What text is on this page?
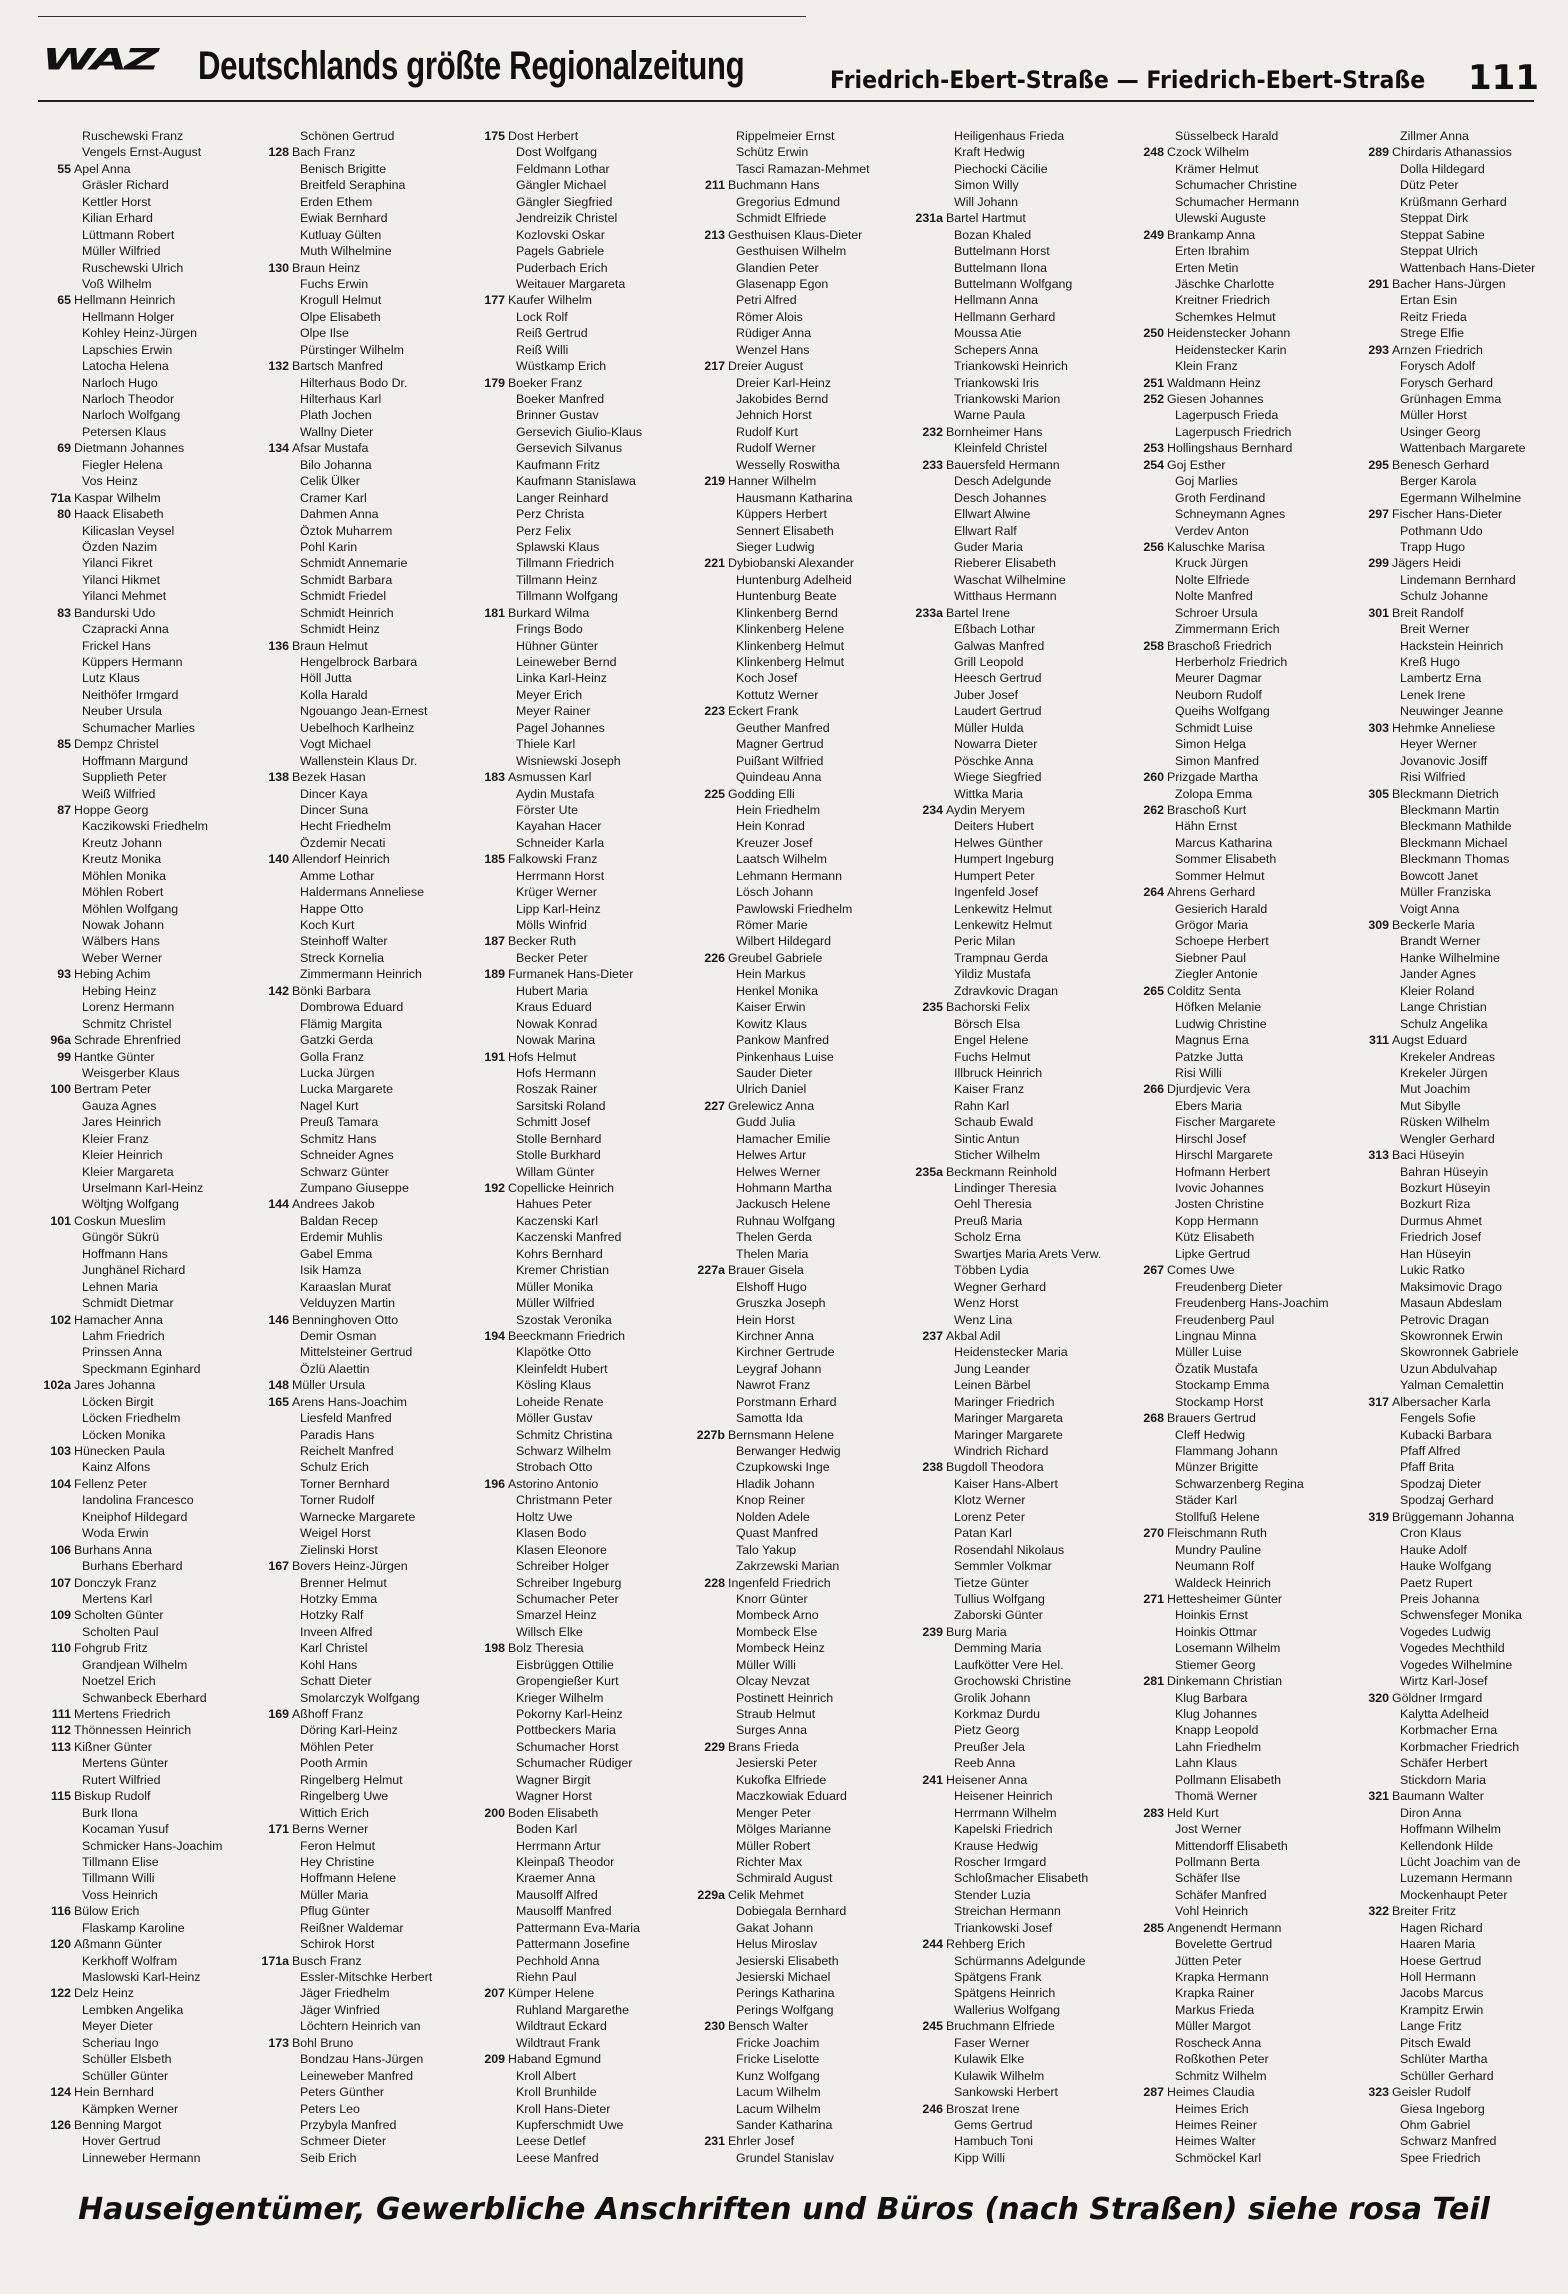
WAZ Deutschlands größte Regionalzeitung	Friedrich-Ebert-Straße — Friedrich-Ebert-Straße 111
Ruschewski Franz
Vengels Ernst-August
55 Apel Anna
Gräsler Richard
Kettler Horst
Kilian Erhard
Lüttmann Robert
Müller Wilfried
Ruschewski Ulrich
Voß Wilhelm
65 Hellmann Heinrich
Hellmann Holger
Kohley Heinz-Jürgen
Lapschies Erwin
Latocha Helena
Narloch Hugo
Narloch Theodor
Narloch Wolfgang
Petersen Klaus
69 Dietmann Johannes
Fiegler Helena
Vos Heinz
71a Kaspar Wilhelm
80 Haack Elisabeth
Kilicaslan Veysel
Özden Nazim
Yilanci Fikret
Yilanci Hikmet
Yilanci Mehmet
83 Bandurski Udo
Czapracki Anna
Frickel Hans
Küppers Hermann
Lutz Klaus
Neithöfer Irmgard
Neuber Ursula
Schumacher Marlies
85 Dempz Christel
Hoffmann Margund
Supplieth Peter
Weiß Wilfried
87 Hoppe Georg
Kaczikowski Friedhelm
Kreutz Johann
Kreutz Monika
Möhlen Monika
Möhlen Robert
Möhlen Wolfgang
Nowak Johann
Wälbers Hans
Weber Werner
93 Hebing Achim
Hebing Heinz
Lorenz Hermann
Schmitz Christel
96a Schrade Ehrenfried
99 Hantke Günter
Weisgerber Klaus
100 Bertram Peter
Gauza Agnes
Jares Heinrich
Kleier Franz
Kleier Heinrich
Kleier Margareta
Urselmann Karl-Heinz
Wöltjng Wolfgang
101 Coskun Mueslim
Güngör Sükrü
Hoffmann Hans
Junghänel Richard
Lehnen Maria
Schmidt Dietmar
102 Hamacher Anna
Lahm Friedrich
Prinssen Anna
Speckmann Eginhard
102a Jares Johanna
Löcken Birgit
Löcken Friedhelm
Löcken Monika
103 Hünecken Paula
Kainz Alfons
104 Fellenz Peter
Iandolina Francesco
Kneiphof Hildegard
Woda Erwin
106 Burhans Anna
Burhans Eberhard
107 Donczyk Franz
Mertens Karl
109 Scholten Günter
Scholten Paul
110 Fohgrub Fritz
Grandjean Wilhelm
Noetzel Erich
Schwanbeck Eberhard
111 Mertens Friedrich
112 Thönnessen Heinrich
113 Kißner Günter
Mertens Günter
Rutert Wilfried
115 Biskup Rudolf
Burk Ilona
Kocaman Yusuf
Schmicker Hans-Joachim
Tillmann Elise
Tillmann Willi
Voss Heinrich
116 Bülow Erich
Flaskamp Karoline
120 Aßmann Günter
Kerkhoff Wolfram
Maslowski Karl-Heinz
122 Delz Heinz
Lembken Angelika
Meyer Dieter
Scheriau Ingo
Schüller Elsbeth
Schüller Günter
124 Hein Bernhard
Kämpken Werner
126 Benning Margot
Hover Gertrud
Linneweber Hermann
Schönen Gertrud
128 Bach Franz
Benisch Brigitte
Breitfeld Seraphina
Erden Ethem
Ewiak Bernhard
Kutluay Gülten
Muth Wilhelmine
130 Braun Heinz
Fuchs Erwin
Krogull Helmut
Olpe Elisabeth
Olpe Ilse
Pürstinger Wilhelm
132 Bartsch Manfred
Hilterhaus Bodo Dr.
Hilterhaus Karl
Plath Jochen
Wallny Dieter
134 Afsar Mustafa
Bilo Johanna
Celik Ülker
Cramer Karl
Dahmen Anna
Öztok Muharrem
Pohl Karin
Schmidt Annemarie
Schmidt Barbara
Schmidt Friedel
Schmidt Heinrich
Schmidt Heinz
136 Braun Helmut
Hengelbrock Barbara
Höll Jutta
Kolla Harald
Ngouango Jean-Ernest
Uebelhoch Karlheinz
Vogt Michael
Wallenstein Klaus Dr.
138 Bezek Hasan
Dincer Kaya
Dincer Suna
Hecht Friedhelm
Özdemir Necati
140 Allendorf Heinrich
Amme Lothar
Haldermans Anneliese
Happe Otto
Koch Kurt
Steinhoff Walter
Streck Kornelia
Zimmermann Heinrich
142 Bönki Barbara
Dombrowa Eduard
Flämig Margita
Gatzki Gerda
Golla Franz
Lucka Jürgen
Lucka Margarete
Nagel Kurt
Preuß Tamara
Schmitz Hans
Schneider Agnes
Schwarz Günter
Zumpano Giuseppe
144 Andrees Jakob
Baldan Recep
Erdemir Muhlis
Gabel Emma
Isik Hamza
Karaaslan Murat
Velduyzen Martin
146 Benninghoven Otto
Demir Osman
Mittelsteiner Gertrud
Özlü Alaettin
148 Müller Ursula
165 Arens Hans-Joachim
Liesfeld Manfred
Paradis Hans
Reichelt Manfred
Schulz Erich
Torner Bernhard
Torner Rudolf
Warnecke Margarete
Weigel Horst
Zielinski Horst
167 Bovers Heinz-Jürgen
Brenner Helmut
Hotzky Emma
Hotzky Ralf
Inveen Alfred
Karl Christel
Kohl Hans
Schatt Dieter
Smolarczyk Wolfgang
169 Aßhoff Franz
Döring Karl-Heinz
Möhlen Peter
Pooth Armin
Ringelberg Helmut
Ringelberg Uwe
Wittich Erich
171 Berns Werner
Feron Helmut
Hey Christine
Hoffmann Helene
Müller Maria
Pflug Günter
Reißner Waldemar
Schirok Horst
171a Busch Franz
Essler-Mitschke Herbert
Jäger Friedhelm
Jäger Winfried
Löchtern Heinrich van
173 Bohl Bruno
Bondzau Hans-Jürgen
Leineweber Manfred
Peters Günther
Peters Leo
Przybyla Manfred
Schmeer Dieter
Seib Erich
175 Dost Herbert
Dost Wolfgang
Feldmann Lothar
Gängler Michael
Gängler Siegfried
Jendreizik Christel
Kozlovski Oskar
Pagels Gabriele
Puderbach Erich
Weitauer Margareta
177 Kaufer Wilhelm
Lock Rolf
Reiß Gertrud
Reiß Willi
Wüstkamp Erich
179 Boeker Franz
Boeker Manfred
Brinner Gustav
Gersevich Giulio-Klaus
Gersevich Silvanus
Kaufmann Fritz
Kaufmann Stanislawa
Langer Reinhard
Perz Christa
Perz Felix
Splawski Klaus
Tillmann Friedrich
Tillmann Heinz
Tillmann Wolfgang
181 Burkard Wilma
Frings Bodo
Hühner Günter
Leineweber Bernd
Linka Karl-Heinz
Meyer Erich
Meyer Rainer
Pagel Johannes
Thiele Karl
Wisniewski Joseph
183 Asmussen Karl
Aydin Mustafa
Förster Ute
Kayahan Hacer
Schneider Karla
185 Falkowski Franz
Herrmann Horst
Krüger Werner
Lipp Karl-Heinz
Mölls Winfrid
187 Becker Ruth
Becker Peter
189 Furmanek Hans-Dieter
Hubert Maria
Kraus Eduard
Nowak Konrad
Nowak Marina
191 Hofs Helmut
Hofs Hermann
Roszak Rainer
Sarsitski Roland
Schmitt Josef
Stolle Bernhard
Stolle Burkhard
Willam Günter
192 Copellicke Heinrich
Hahues Peter
Kaczenski Karl
Kaczenski Manfred
Kohrs Bernhard
Kremer Christian
Müller Monika
Müller Wilfried
Szostak Veronika
194 Beeckmann Friedrich
Klapötke Otto
Kleinfeldt Hubert
Kösling Klaus
Loheide Renate
Möller Gustav
Schmitz Christina
Schwarz Wilhelm
Strobach Otto
196 Astorino Antonio
Christmann Peter
Holtz Uwe
Klasen Bodo
Klasen Eleonore
Schreiber Holger
Schreiber Ingeburg
Schumacher Peter
Smarzel Heinz
Willsch Elke
198 Bolz Theresia
Eisbrüggen Ottilie
Gropengießer Kurt
Krieger Wilhelm
Pokorny Karl-Heinz
Pottbeckers Maria
Schumacher Horst
Schumacher Rüdiger
Wagner Birgit
Wagner Horst
200 Boden Elisabeth
Boden Karl
Herrmann Artur
Kleinpaß Theodor
Kraemer Anna
Mausolff Alfred
Mausolff Manfred
Pattermann Eva-Maria
Pattermann Josefine
Pechhold Anna
Riehn Paul
207 Kümper Helene
Ruhland Margarethe
Wildtraut Eckard
Wildtraut Frank
209 Haband Egmund
Kroll Albert
Kroll Brunhilde
Kroll Hans-Dieter
Kupferschmidt Uwe
Leese Detlef
Leese Manfred
Rippelmeier Ernst
Schütz Erwin
Tasci Ramazan-Mehmet
211 Buchmann Hans
Gregorius Edmund
Schmidt Elfriede
213 Gesthuisen Klaus-Dieter
Gesthuisen Wilhelm
Glandien Peter
Glasenapp Egon
Petri Alfred
Römer Alois
Rüdiger Anna
Wenzel Hans
217 Dreier August
Dreier Karl-Heinz
Jakobides Bernd
Jehnich Horst
Rudolf Kurt
Rudolf Werner
Wesselly Roswitha
219 Hanner Wilhelm
Hausmann Katharina
Küppers Herbert
Sennert Elisabeth
Sieger Ludwig
221 Dybiobanski Alexander
Huntenburg Adelheid
Huntenburg Beate
Klinkenberg Bernd
Klinkenberg Helene
Klinkenberg Helmut
Klinkenberg Helmut
Koch Josef
Kottutz Werner
223 Eckert Frank
Geuther Manfred
Magner Gertrud
Puißant Wilfried
Quindeau Anna
225 Godding Elli
Hein Friedhelm
Hein Konrad
Kreuzer Josef
Laatsch Wilhelm
Lehmann Hermann
Lösch Johann
Pawlowski Friedhelm
Römer Marie
Wilbert Hildegard
226 Greubel Gabriele
Hein Markus
Henkel Monika
Kaiser Erwin
Kowitz Klaus
Pankow Manfred
Pinkenhaus Luise
Sauder Dieter
Ulrich Daniel
227 Grelewicz Anna
Gudd Julia
Hamacher Emilie
Helwes Artur
Helwes Werner
Hohmann Martha
Jackusch Helene
Ruhnau Wolfgang
Thelen Gerda
Thelen Maria
227a Brauer Gisela
Elshoff Hugo
Gruszka Joseph
Hein Horst
Kirchner Anna
Kirchner Gertrude
Leygraf Johann
Nawrot Franz
Porstmann Erhard
Samotta Ida
227b Bernsmann Helene
Berwanger Hedwig
Czupkowski Inge
Hladik Johann
Knop Reiner
Nolden Adele
Quast Manfred
Talo Yakup
Zakrzewski Marian
228 Ingenfeld Friedrich
Knorr Günter
Mombeck Arno
Mombeck Else
Mombeck Heinz
Müller Willi
Olcay Nevzat
Postinett Heinrich
Straub Helmut
Surges Anna
229 Brans Frieda
Jesierski Peter
Kukofka Elfriede
Maczkowiak Eduard
Menger Peter
Mölges Marianne
Müller Robert
Richter Max
Schmirald August
229a Celik Mehmet
Dobiegala Bernhard
Gakat Johann
Helus Miroslav
Jesierski Elisabeth
Jesierski Michael
Perings Katharina
Perings Wolfgang
230 Bensch Walter
Fricke Joachim
Fricke Liselotte
Kunz Wolfgang
Lacum Wilhelm
Lacum Wilhelm
Sander Katharina
231 Ehrler Josef
Grundel Stanislav
Heiligenhaus Frieda
Kraft Hedwig
Piechocki Cäcilie
Simon Willy
Will Johann
231a Bartel Hartmut
Bozan Khaled
Buttelmann Horst
Buttelmann Ilona
Buttelmann Wolfgang
Hellmann Anna
Hellmann Gerhard
Moussa Atie
Schepers Anna
Triankowski Heinrich
Triankowski Iris
Triankowski Marion
Warne Paula
232 Bornheimer Hans
Kleinfeld Christel
233 Bauersfeld Hermann
Desch Adelgunde
Desch Johannes
Ellwart Alwine
Ellwart Ralf
Guder Maria
Rieberer Elisabeth
Waschat Wilhelmine
Witthaus Hermann
233a Bartel Irene
Eßbach Lothar
Galwas Manfred
Grill Leopold
Heesch Gertrud
Juber Josef
Laudert Gertrud
Müller Hulda
Nowarra Dieter
Pöschke Anna
Wiege Siegfried
Wittka Maria
234 Aydin Meryem
Deiters Hubert
Helwes Günther
Humpert Ingeburg
Humpert Peter
Ingenfeld Josef
Lenkewitz Helmut
Lenkewitz Helmut
Peric Milan
Trampnau Gerda
Yildiz Mustafa
Zdravkovic Dragan
235 Bachorski Felix
Börsch Elsa
Engel Helene
Fuchs Helmut
Illbruck Heinrich
Kaiser Franz
Rahn Karl
Schaub Ewald
Sintic Antun
Sticher Wilhelm
235a Beckmann Reinhold
Lindinger Theresia
Oehl Theresia
Preuß Maria
Scholz Erna
Swartjes Maria Arets Verw.
Többen Lydia
Wegner Gerhard
Wenz Horst
Wenz Lina
237 Akbal Adil
Heidenstecker Maria
Jung Leander
Leinen Bärbel
Maringer Friedrich
Maringer Margareta
Maringer Margarete
Windrich Richard
238 Bugdoll Theodora
Kaiser Hans-Albert
Klotz Werner
Lorenz Peter
Patan Karl
Rosendahl Nikolaus
Semmler Volkmar
Tietze Günter
Tullius Wolfgang
Zaborski Günter
239 Burg Maria
Demming Maria
Laufkötter Vere Hel.
Grochowski Christine
Grolik Johann
Korkmaz Durdu
Pietz Georg
Preußer Jela
Reeb Anna
241 Heisener Anna
Heisener Heinrich
Herrmann Wilhelm
Kapelski Friedrich
Krause Hedwig
Roscher Irmgard
Schloßmacher Elisabeth
Stender Luzia
Streichan Hermann
Triankowski Josef
244 Rehberg Erich
Schürmanns Adelgunde
Spätgens Frank
Spätgens Heinrich
Wallerius Wolfgang
245 Bruchmann Elfriede
Faser Werner
Kulawik Elke
Kulawik Wilhelm
Sankowski Herbert
246 Broszat Irene
Gems Gertrud
Hambuch Toni
Kipp Willi
Süsselbeck Harald
248 Czock Wilhelm
Krämer Helmut
Schumacher Christine
Schumacher Hermann
Ulewski Auguste
249 Brankamp Anna
Erten Ibrahim
Erten Metin
Jäschke Charlotte
Kreitner Friedrich
Schemkes Helmut
250 Heidenstecker Johann
Heidenstecker Karin
Klein Franz
251 Waldmann Heinz
252 Giesen Johannes
Lagerpusch Frieda
Lagerpusch Friedrich
253 Hollingshaus Bernhard
254 Goj Esther
Goj Marlies
Groth Ferdinand
Schneymann Agnes
Verdev Anton
256 Kaluschke Marisa
Kruck Jürgen
Nolte Elfriede
Nolte Manfred
Schroer Ursula
Zimmermann Erich
258 Braschoß Friedrich
Herberholz Friedrich
Meurer Dagmar
Neuborn Rudolf
Queihs Wolfgang
Schmidt Luise
Simon Helga
Simon Manfred
260 Prizgade Martha
Zolopa Emma
262 Braschoß Kurt
Hähn Ernst
Marcus Katharina
Sommer Elisabeth
Sommer Helmut
264 Ahrens Gerhard
Gesierich Harald
Grögor Maria
Schoepe Herbert
Siebner Paul
Ziegler Antonie
265 Colditz Senta
Höfken Melanie
Ludwig Christine
Magnus Erna
Patzke Jutta
Risi Willi
266 Djurdjevic Vera
Ebers Maria
Fischer Margarete
Hirschl Josef
Hirschl Margarete
Hofmann Herbert
Ivovic Johannes
Josten Christine
Kopp Hermann
Kütz Elisabeth
Lipke Gertrud
267 Comes Uwe
Freudenberg Dieter
Freudenberg Hans-Joachim
Freudenberg Paul
Lingnau Minna
Müller Luise
Özatik Mustafa
Stockamp Emma
Stockamp Horst
268 Brauers Gertrud
Cleff Hedwig
Flammang Johann
Münzer Brigitte
Schwarzenberg Regina
Städer Karl
Stollfuß Helene
270 Fleischmann Ruth
Mundry Pauline
Neumann Rolf
Waldeck Heinrich
271 Hettesheimer Günter
Hoinkis Ernst
Hoinkis Ottmar
Losemann Wilhelm
Stiemer Georg
281 Dinkemann Christian
Klug Barbara
Klug Johannes
Knapp Leopold
Lahn Friedhelm
Lahn Klaus
Pollmann Elisabeth
Thomä Werner
283 Held Kurt
Jost Werner
Mittendorff Elisabeth
Pollmann Berta
Schäfer Ilse
Schäfer Manfred
Vohl Heinrich
285 Angenendt Hermann
Bovelette Gertrud
Jütten Peter
Krapka Hermann
Krapka Rainer
Markus Frieda
Müller Margot
Roscheck Anna
Roßkothen Peter
Schmitz Wilhelm
287 Heimes Claudia
Heimes Erich
Heimes Reiner
Heimes Walter
Schmöckel Karl
Zillmer Anna
289 Chirdaris Athanassios
Dolla Hildegard
Dütz Peter
Krüßmann Gerhard
Steppat Dirk
Steppat Sabine
Steppat Ulrich
Wattenbach Hans-Dieter
291 Bacher Hans-Jürgen
Ertan Esin
Reitz Frieda
Strege Elfie
293 Arnzen Friedrich
Forysch Adolf
Forysch Gerhard
Grünhagen Emma
Müller Horst
Usinger Georg
Wattenbach Margarete
295 Benesch Gerhard
Berger Karola
Egermann Wilhelmine
297 Fischer Hans-Dieter
Pothmann Udo
Trapp Hugo
299 Jägers Heidi
Lindemann Bernhard
Schulz Johanne
301 Breit Randolf
Breit Werner
Hackstein Heinrich
Kreß Hugo
Lambertz Erna
Lenek Irene
Neuwinger Jeanne
303 Hehmke Anneliese
Heyer Werner
Jovanovic Josiff
Risi Wilfried
305 Bleckmann Dietrich
Bleckmann Martin
Bleckmann Mathilde
Bleckmann Michael
Bleckmann Thomas
Bowcott Janet
Müller Franziska
Voigt Anna
309 Beckerle Maria
Brandt Werner
Hanke Wilhelmine
Jander Agnes
Kleier Roland
Lange Christian
Schulz Angelika
311 Augst Eduard
Krekeler Andreas
Krekeler Jürgen
Mut Joachim
Mut Sibylle
Rüsken Wilhelm
Wengler Gerhard
313 Baci Hüseyin
Bahran Hüseyin
Bozkurt Hüseyin
Bozkurt Riza
Durmus Ahmet
Friedrich Josef
Han Hüseyin
Lukic Ratko
Maksimovic Drago
Masaun Abdeslam
Petrovic Dragan
Skowronnek Erwin
Skowronnek Gabriele
Uzun Abdulvahap
Yalman Cemalettin
317 Albersacher Karla
Fengels Sofie
Kubacki Barbara
Pfaff Alfred
Pfaff Brita
Spodzaj Dieter
Spodzaj Gerhard
319 Brüggemann Johanna
Cron Klaus
Hauke Adolf
Hauke Wolfgang
Paetz Rupert
Preis Johanna
Schwensfeger Monika
Vogedes Ludwig
Vogedes Mechthild
Vogedes Wilhelmine
Wirtz Karl-Josef
320 Göldner Irmgard
Kalytta Adelheid
Korbmacher Erna
Korbmacher Friedrich
Schäfer Herbert
Stickdorn Maria
321 Baumann Walter
Diron Anna
Hoffmann Wilhelm
Kellendonk Hilde
Lücht Joachim van de
Luzemann Hermann
Mockenhaupt Peter
322 Breiter Fritz
Hagen Richard
Haaren Maria
Hoese Gertrud
Holl Hermann
Jacobs Marcus
Krampitz Erwin
Lange Fritz
Pitsch Ewald
Schlüter Martha
Schüller Gerhard
323 Geisler Rudolf
Giesa Ingeborg
Ohm Gabriel
Schwarz Manfred
Spee Friedrich
Hauseigentümer, Gewerbliche Anschriften und Büros (nach Straßen) siehe rosa Teil
